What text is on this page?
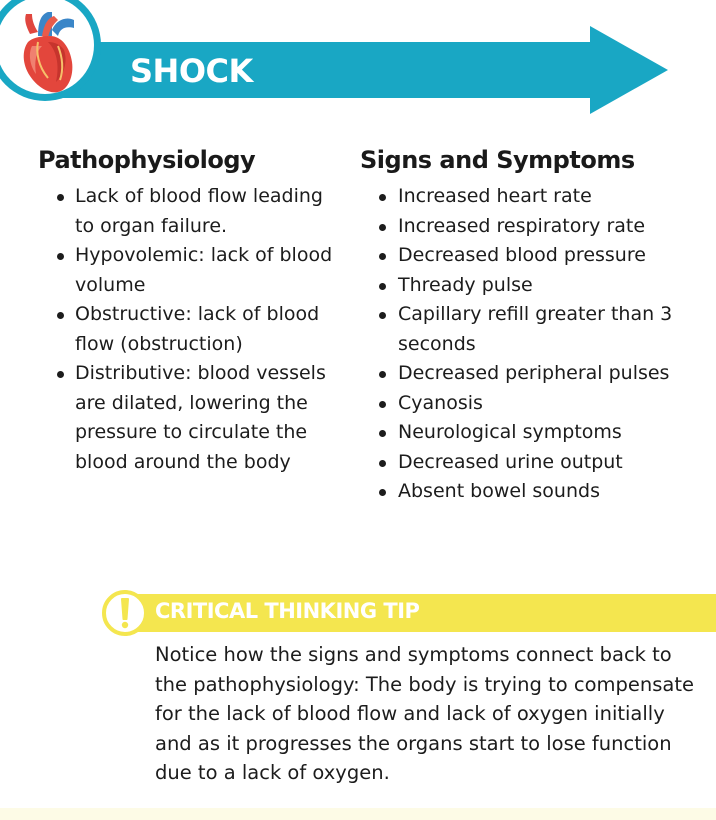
SHOCK
Pathophysiology
Lack of blood flow leading to organ failure.
Hypovolemic: lack of blood volume
Obstructive: lack of blood flow (obstruction)
Distributive: blood vessels are dilated, lowering the pressure to circulate the blood around the body
Signs and Symptoms
Increased heart rate
Increased respiratory rate
Decreased blood pressure
Thready pulse
Capillary refill greater than 3 seconds
Decreased peripheral pulses
Cyanosis
Neurological symptoms
Decreased urine output
Absent bowel sounds
CRITICAL THINKING TIP
Notice how the signs and symptoms connect back to the pathophysiology: The body is trying to compensate for the lack of blood flow and lack of oxygen initially and as it progresses the organs start to lose function due to a lack of oxygen.
